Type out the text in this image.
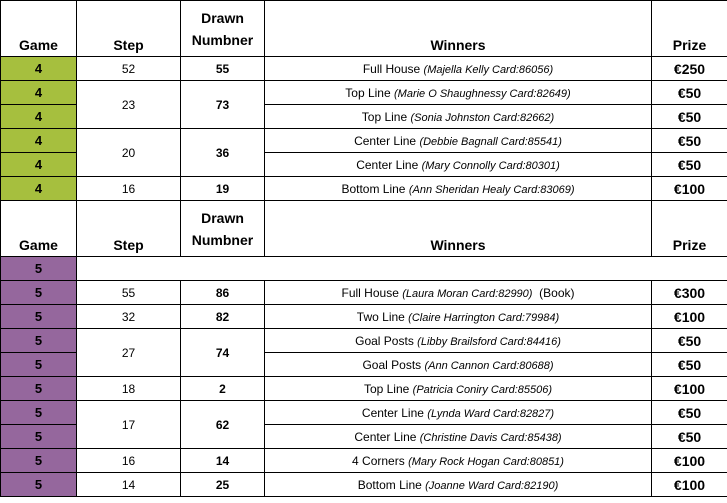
Game	Step	Drawn
Numbner	Winners	Prize
4	52	55	Full House (Majella Kelly Card:86056)	€250
4	23	73	Top Line (Marie O Shaughnessy Card:82649)	€50
4			Top Line (Sonia Johnston Card:82662)	€50
4	20	36	Center Line (Debbie Bagnall Card:85541)	€50
4			Center Line (Mary Connolly Card:80301)	€50
4	16	19	Bottom Line (Ann Sheridan Healy Card:83069)	€100
Game	Step	Drawn
Numbner	Winners	Prize
5				
5	55	86	Full House (Laura Moran Card:82990) (Book)	€300
5	32	82	Two Line (Claire Harrington Card:79984)	€100
5	27	74	Goal Posts (Libby Brailsford Card:84416)	€50
5			Goal Posts (Ann Cannon Card:80688)	€50
5	18	2	Top Line (Patricia Coniry Card:85506)	€100
5	17	62	Center Line (Lynda Ward Card:82827)	€50
5			Center Line (Christine Davis Card:85438)	€50
5	16	14	4 Corners (Mary Rock Hogan Card:80851)	€100
5	14	25	Bottom Line (Joanne Ward Card:82190)	€100
